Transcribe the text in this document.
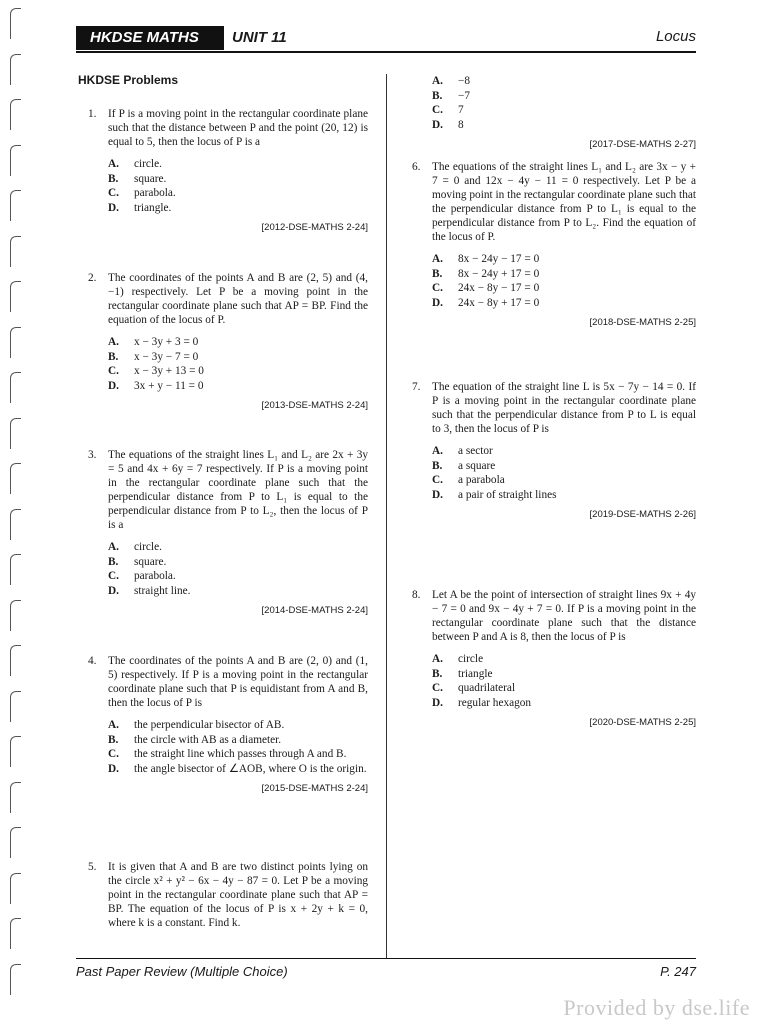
HKDSE MATHS	UNIT 11	Locus
HKDSE Problems
1. If P is a moving point in the rectangular coordinate plane such that the distance between P and the point (20, 12) is equal to 5, then the locus of P is a
A.	circle.
B.	square.
C.	parabola.
D.	triangle.
[2012-DSE-MATHS 2-24]
2. The coordinates of the points A and B are (2, 5) and (4, −1) respectively. Let P be a moving point in the rectangular coordinate plane such that AP = BP. Find the equation of the locus of P.
A.	x − 3y + 3 = 0
B.	x − 3y − 7 = 0
C.	x − 3y + 13 = 0
D.	3x + y − 11 = 0
[2013-DSE-MATHS 2-24]
3. The equations of the straight lines L₁ and L₂ are 2x + 3y = 5 and 4x + 6y = 7 respectively. If P is a moving point in the rectangular coordinate plane such that the perpendicular distance from P to L₁ is equal to the perpendicular distance from P to L₂, then the locus of P is a
A.	circle.
B.	square.
C.	parabola.
D.	straight line.
[2014-DSE-MATHS 2-24]
4. The coordinates of the points A and B are (2, 0) and (1, 5) respectively. If P is a moving point in the rectangular coordinate plane such that P is equidistant from A and B, then the locus of P is
A.	the perpendicular bisector of AB.
B.	the circle with AB as a diameter.
C.	the straight line which passes through A and B.
D.	the angle bisector of ∠AOB, where O is the origin.
[2015-DSE-MATHS 2-24]
5. It is given that A and B are two distinct points lying on the circle x² + y² − 6x − 4y − 87 = 0. Let P be a moving point in the rectangular coordinate plane such that AP = BP. The equation of the locus of P is x + 2y + k = 0, where k is a constant. Find k.
A.	−8
B.	−7
C.	7
D.	8
[2017-DSE-MATHS 2-27]
6. The equations of the straight lines L₁ and L₂ are 3x − y + 7 = 0 and 12x − 4y − 11 = 0 respectively. Let P be a moving point in the rectangular coordinate plane such that the perpendicular distance from P to L₁ is equal to the perpendicular distance from P to L₂. Find the equation of the locus of P.
A.	8x − 24y − 17 = 0
B.	8x − 24y + 17 = 0
C.	24x − 8y − 17 = 0
D.	24x − 8y + 17 = 0
[2018-DSE-MATHS 2-25]
7. The equation of the straight line L is 5x − 7y − 14 = 0. If P is a moving point in the rectangular coordinate plane such that the perpendicular distance from P to L is equal to 3, then the locus of P is
A.	a sector
B.	a square
C.	a parabola
D.	a pair of straight lines
[2019-DSE-MATHS 2-26]
8. Let A be the point of intersection of straight lines 9x + 4y − 7 = 0 and 9x − 4y + 7 = 0. If P is a moving point in the rectangular coordinate plane such that the distance between P and A is 8, then the locus of P is
A.	circle
B.	triangle
C.	quadrilateral
D.	regular hexagon
[2020-DSE-MATHS 2-25]
Past Paper Review (Multiple Choice)	P. 247
Provided by dse.life
